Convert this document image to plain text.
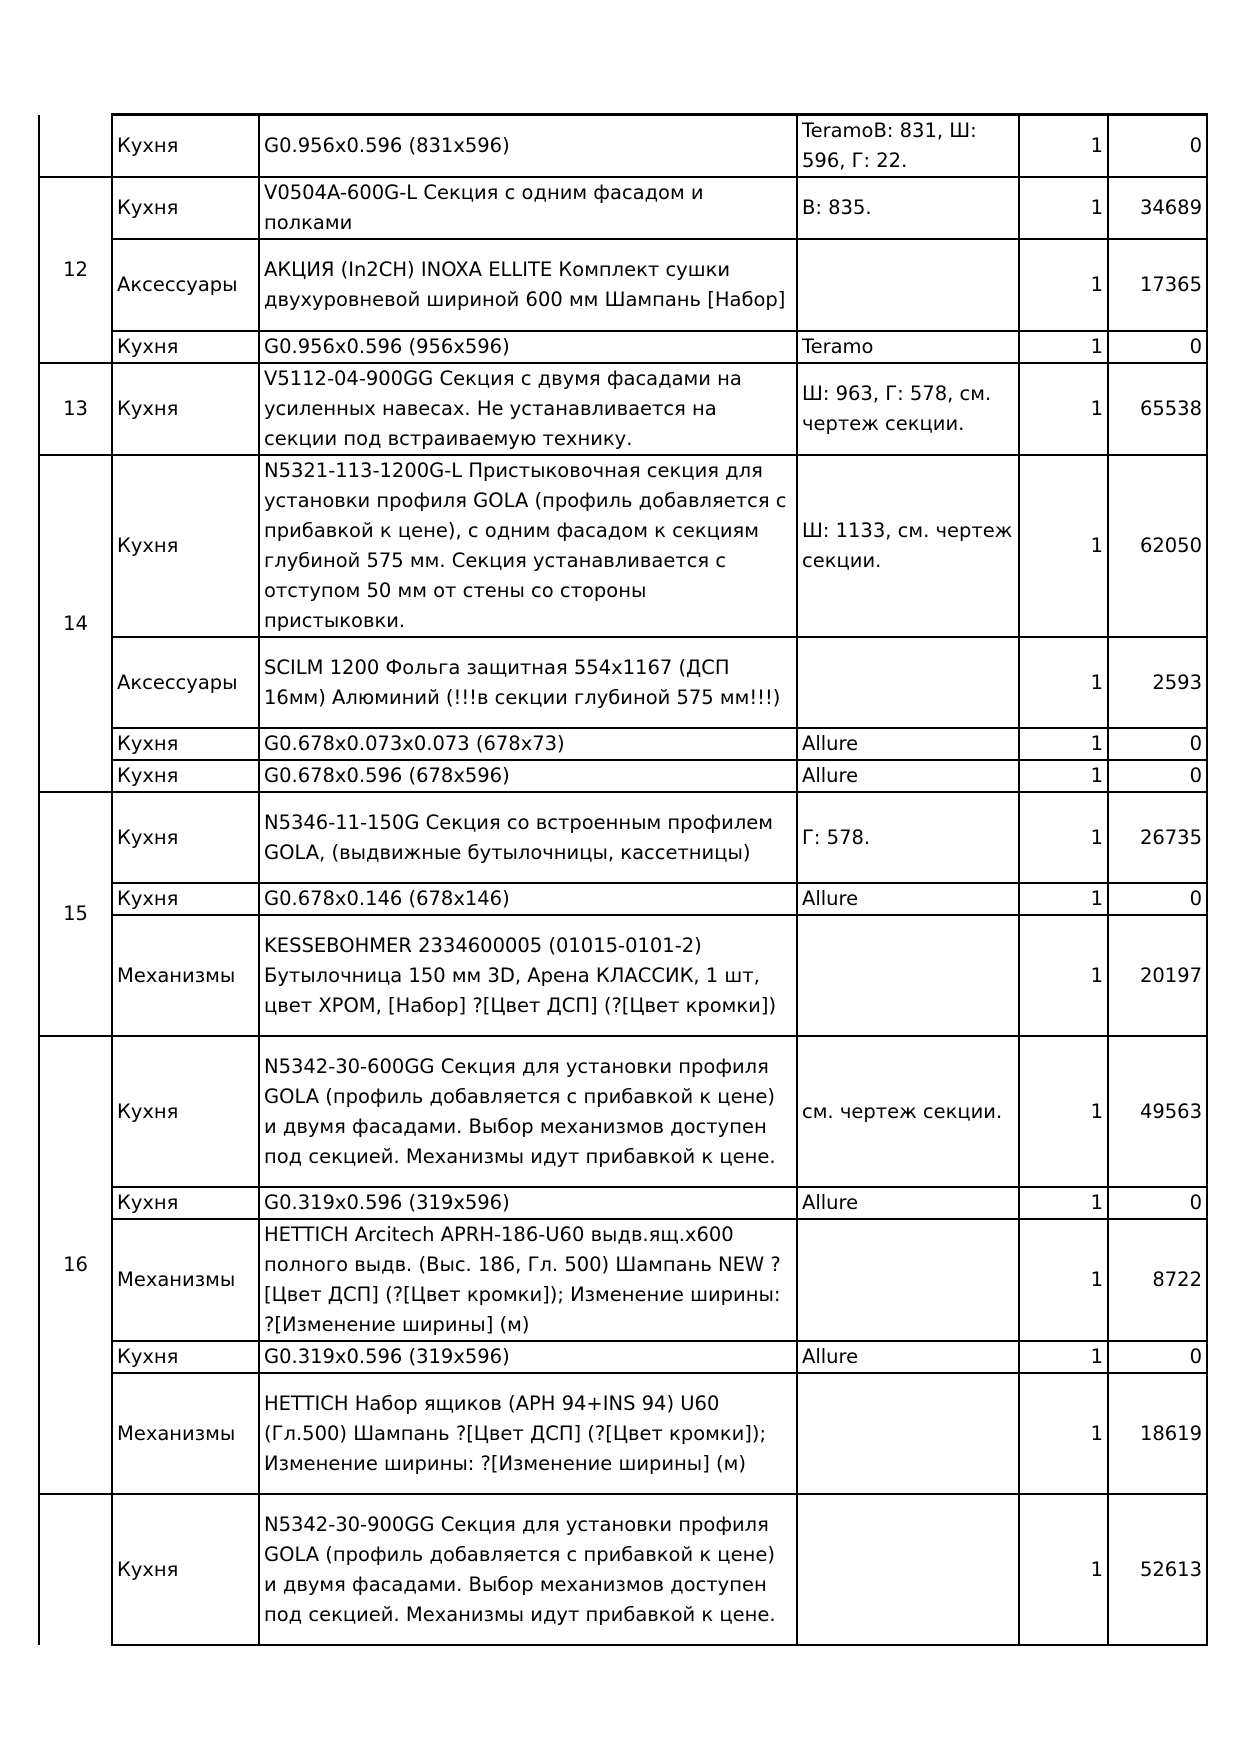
	Кухня	G0.956x0.596 (831x596)	TeramoВ: 831, Ш: 596, Г: 22.	1	0
12	Кухня	V0504A-600G-L Секция с одним фасадом и полками	В: 835.	1	34689
	Аксессуары	АКЦИЯ (In2CH) INOXA ELLITE Комплект сушки двухуровневой шириной 600 мм Шампань [Набор]		1	17365
	Кухня	G0.956x0.596 (956x596)	Teramo	1	0
13	Кухня	V5112-04-900GG Секция с двумя фасадами на усиленных навесах. Не устанавливается на секции под встраиваемую технику.	Ш: 963, Г: 578, см. чертеж секции.	1	65538
14	Кухня	N5321-113-1200G-L Пристыковочная секция для установки профиля GOLA (профиль добавляется с прибавкой к цене), с одним фасадом к секциям глубиной 575 мм. Секция устанавливается с отступом 50 мм от стены со стороны пристыковки.	Ш: 1133, см. чертеж секции.	1	62050
	Аксессуары	SCILM 1200 Фольга защитная 554x1167 (ДСП 16мм) Алюминий (!!!в секции глубиной 575 мм!!!)		1	2593
	Кухня	G0.678x0.073x0.073 (678x73)	Allure	1	0
	Кухня	G0.678x0.596 (678x596)	Allure	1	0
15	Кухня	N5346-11-150G Секция со встроенным профилем GOLA, (выдвижные бутылочницы, кассетницы)	Г: 578.	1	26735
	Кухня	G0.678x0.146 (678x146)	Allure	1	0
	Механизмы	KESSEBOHMER 2334600005 (01015-0101-2) Бутылочница 150 мм 3D, Арена КЛАССИК, 1 шт, цвет ХРОМ, [Набор] ?[Цвет ДСП] (?[Цвет кромки])		1	20197
16	Кухня	N5342-30-600GG Секция для установки профиля GOLA (профиль добавляется с прибавкой к цене) и двумя фасадами. Выбор механизмов доступен под секцией. Механизмы идут прибавкой к цене.	см. чертеж секции.	1	49563
	Кухня	G0.319x0.596 (319x596)	Allure	1	0
	Механизмы	HETTICH Arcitech APRH-186-U60 выдв.ящ.x600 полного выдв. (Выс. 186, Гл. 500) Шампань NEW ?[Цвет ДСП] (?[Цвет кромки]); Изменение ширины: ?[Изменение ширины] (м)		1	8722
	Кухня	G0.319x0.596 (319x596)	Allure	1	0
	Механизмы	HETTICH Набор ящиков (APH 94+INS 94) U60 (Гл.500) Шампань ?[Цвет ДСП] (?[Цвет кромки]); Изменение ширины: ?[Изменение ширины] (м)		1	18619
	Кухня	N5342-30-900GG Секция для установки профиля GOLA (профиль добавляется с прибавкой к цене) и двумя фасадами. Выбор механизмов доступен под секцией. Механизмы идут прибавкой к цене.		1	52613
